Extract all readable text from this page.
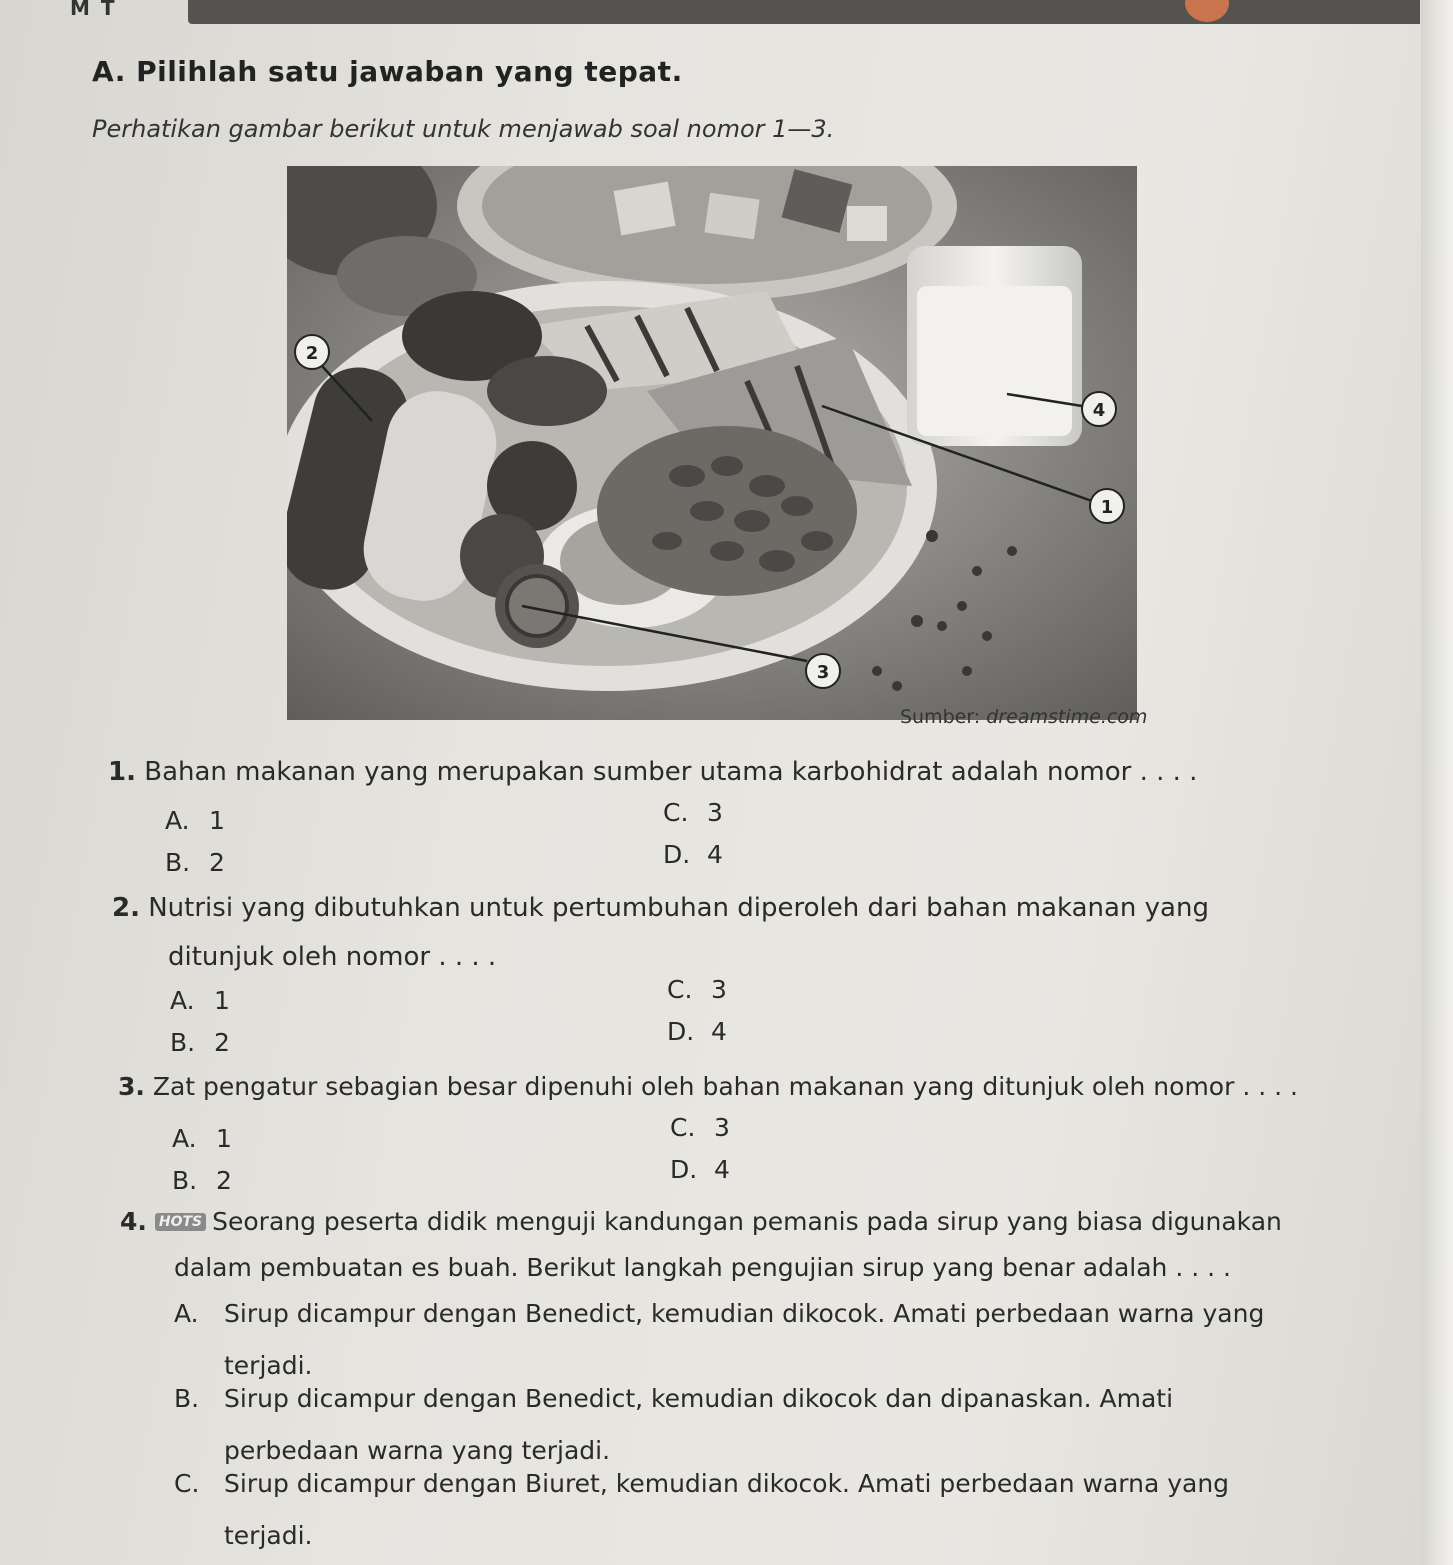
M T
A. Pilihlah satu jawaban yang tepat.
Perhatikan gambar berikut untuk menjawab soal nomor 1—3.
2
4
1
3
Sumber: dreamstime.com
1. Bahan makanan yang merupakan sumber utama karbohidrat adalah nomor . . . .
A. 1
B. 2
C. 3
D. 4
2. Nutrisi yang dibutuhkan untuk pertumbuhan diperoleh dari bahan makanan yang
ditunjuk oleh nomor . . . .
A. 1
B. 2
C. 3
D. 4
3. Zat pengatur sebagian besar dipenuhi oleh bahan makanan yang ditunjuk oleh nomor . . . .
A. 1
B. 2
C. 3
D. 4
4. HOTS Seorang peserta didik menguji kandungan pemanis pada sirup yang biasa digunakan
dalam pembuatan es buah. Berikut langkah pengujian sirup yang benar adalah . . . .
A. Sirup dicampur dengan Benedict, kemudian dikocok. Amati perbedaan warna yang
terjadi.
B. Sirup dicampur dengan Benedict, kemudian dikocok dan dipanaskan. Amati
perbedaan warna yang terjadi.
C. Sirup dicampur dengan Biuret, kemudian dikocok. Amati perbedaan warna yang
terjadi.
